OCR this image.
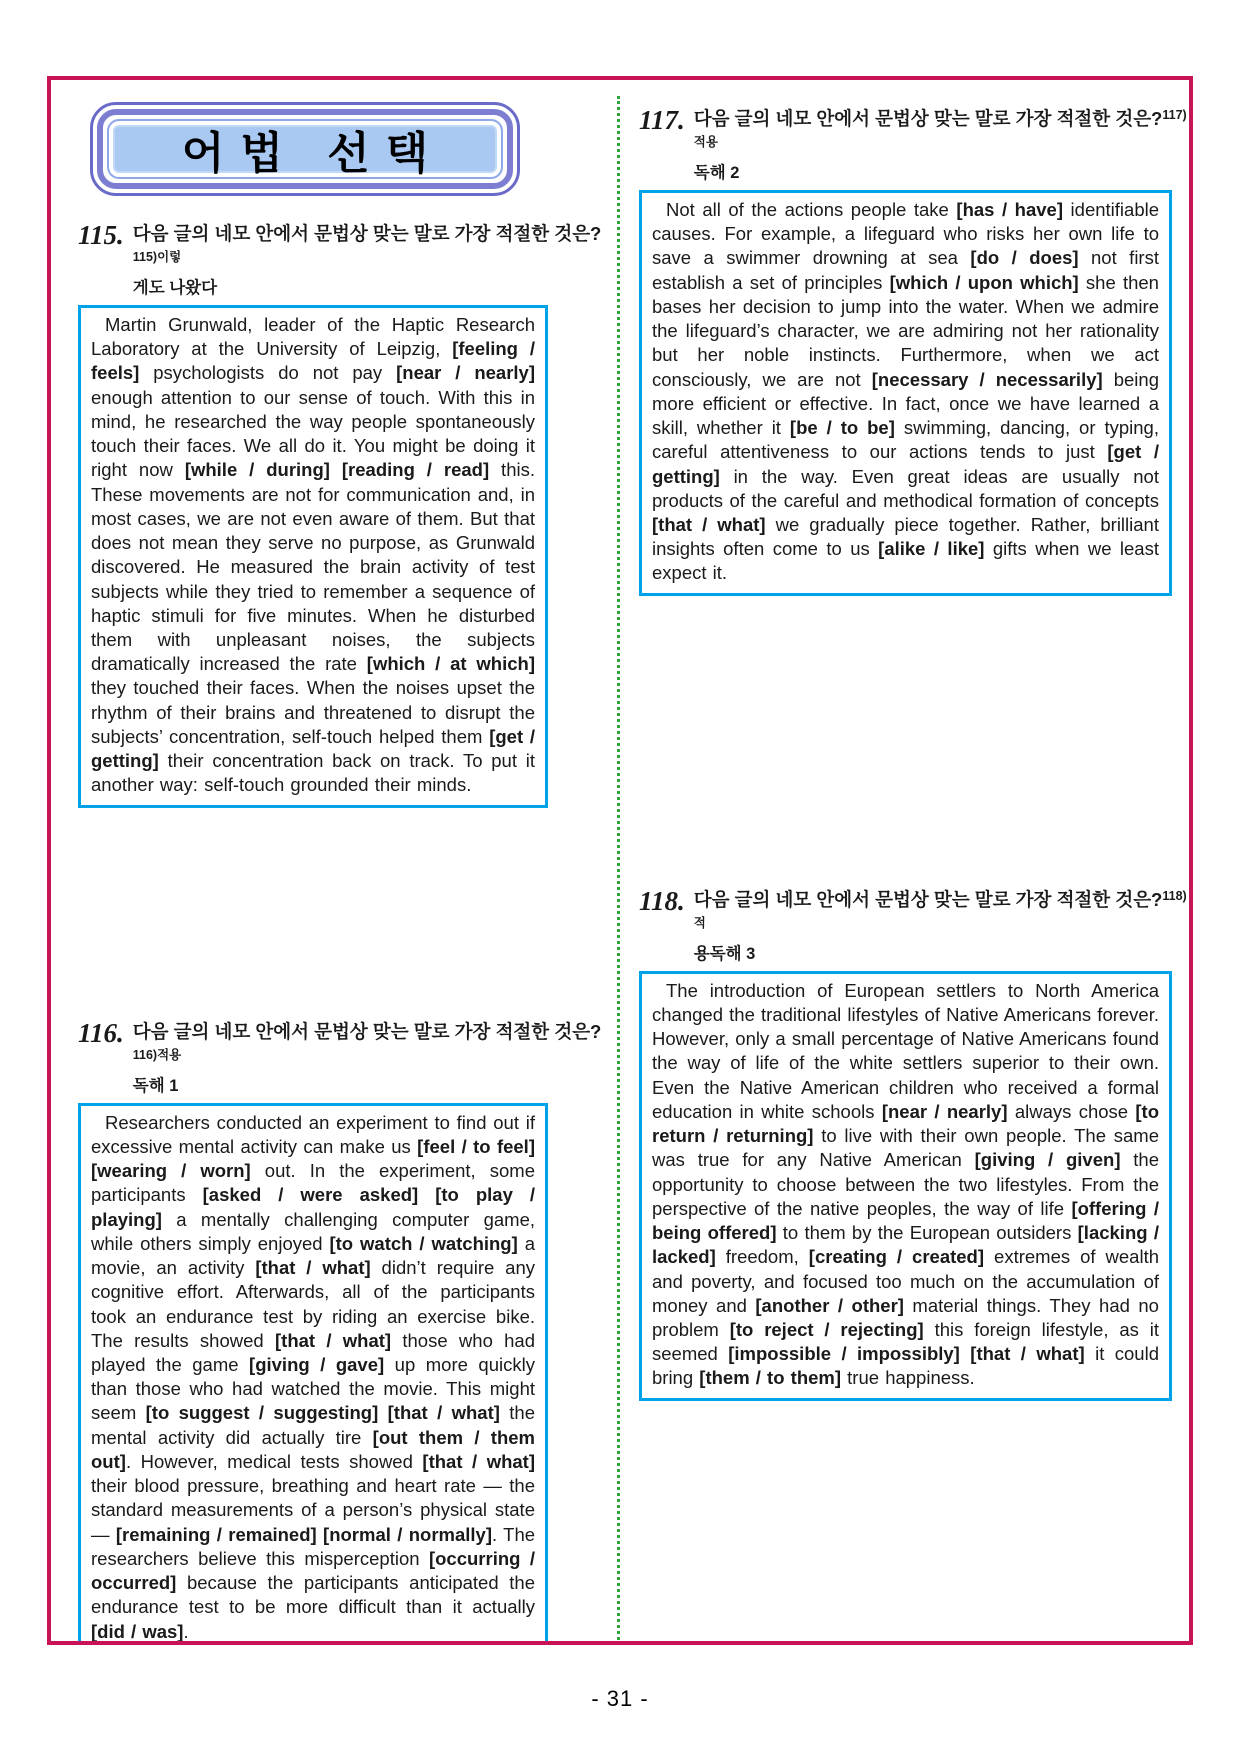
어법 선택
115. 다음 글의 네모 안에서 문법상 맞는 말로 가장 적절한 것은?$^{115)이렇}$
게도 나왔다

Martin Grunwald, leader of the Haptic Research Laboratory at the University of Leipzig, [feeling / feels] psychologists do not pay [near / nearly] enough attention to our sense of touch. With this in mind, he researched the way people spontaneously touch their faces. We all do it. You might be doing it right now [while / during] [reading / read] this. These movements are not for communication and, in most cases, we are not even aware of them. But that does not mean they serve no purpose, as Grunwald discovered. He measured the brain activity of test subjects while they tried to remember a sequence of haptic stimuli for five minutes. When he disturbed them with unpleasant noises, the subjects dramatically increased the rate [which / at which] they touched their faces. When the noises upset the rhythm of their brains and threatened to disrupt the subjects’ concentration, self-touch helped them [get / getting] their concentration back on track. To put it another way: self-touch grounded their minds.

116. 다음 글의 네모 안에서 문법상 맞는 말로 가장 적절한 것은?$^{116)적용}$
독해 1

Researchers conducted an experiment to find out if excessive mental activity can make us [feel / to feel] [wearing / worn] out. In the experiment, some participants [asked / were asked] [to play / playing] a mentally challenging computer game, while others simply enjoyed [to watch / watching] a movie, an activity [that / what] didn’t require any cognitive effort. Afterwards, all of the participants took an endurance test by riding an exercise bike. The results showed [that / what] those who had played the game [giving / gave] up more quickly than those who had watched the movie. This might seem [to suggest / suggesting] [that / what] the mental activity did actually tire [out them / them out]. However, medical tests showed [that / what] their blood pressure, breathing and heart rate — the standard measurements of a person’s physical state — [remaining / remained] [normal / normally]. The researchers believe this misperception [occurring / occurred] because the participants anticipated the endurance test to be more difficult than it actually [did / was].

117. 다음 글의 네모 안에서 문법상 맞는 말로 가장 적절한 것은?$^{117)적용}$
독해 2

Not all of the actions people take [has / have] identifiable causes. For example, a lifeguard who risks her own life to save a swimmer drowning at sea [do / does] not first establish a set of principles [which / upon which] she then bases her decision to jump into the water. When we admire the lifeguard’s character, we are admiring not her rationality but her noble instincts. Furthermore, when we act consciously, we are not [necessary / necessarily] being more efficient or effective. In fact, once we have learned a skill, whether it [be / to be] swimming, dancing, or typing, careful attentiveness to our actions tends to just [get / getting] in the way. Even great ideas are usually not products of the careful and methodical formation of concepts [that / what] we gradually piece together. Rather, brilliant insights often come to us [alike / like] gifts when we least expect it.

118. 다음 글의 네모 안에서 문법상 맞는 말로 가장 적절한 것은?$^{118)적}$
용독해 3

The introduction of European settlers to North America changed the traditional lifestyles of Native Americans forever. However, only a small percentage of Native Americans found the way of life of the white settlers superior to their own. Even the Native American children who received a formal education in white schools [near / nearly] always chose [to return / returning] to live with their own people. The same was true for any Native American [giving / given] the opportunity to choose between the two lifestyles. From the perspective of the native peoples, the way of life [offering / being offered] to them by the European outsiders [lacking / lacked] freedom, [creating / created] extremes of wealth and poverty, and focused too much on the accumulation of money and [another / other] material things. They had no problem [to reject / rejecting] this foreign lifestyle, as it seemed [impossible / impossibly] [that / what] it could bring [them / to them] true happiness.

- 31 -
